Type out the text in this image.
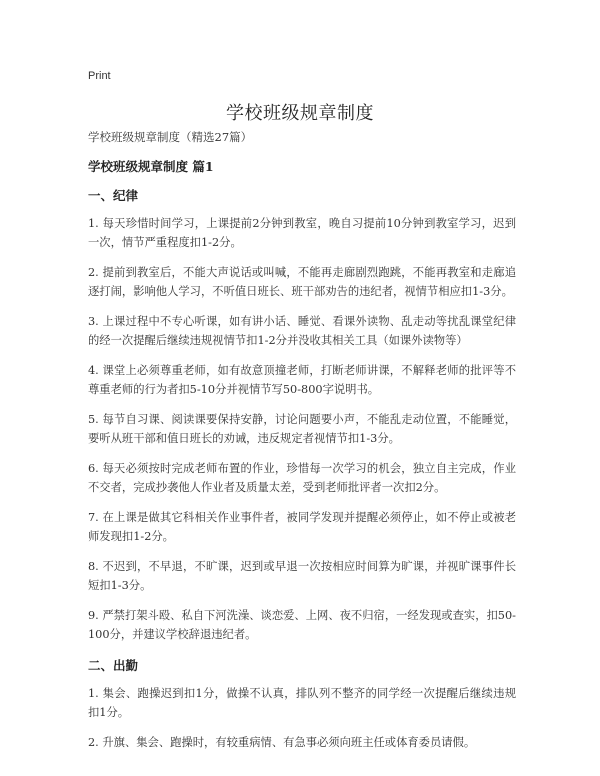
Print
学校班级规章制度

学校班级规章制度（精选27篇）

学校班级规章制度 篇1

一、纪律

1. 每天珍惜时间学习，上课提前2分钟到教室，晚自习提前10分钟到教室学习，迟到一次，情节严重程度扣1-2分。

2. 提前到教室后，不能大声说话或叫喊，不能再走廊剧烈跑跳，不能再教室和走廊追逐打闹，影响他人学习，不听值日班长、班干部劝告的违纪者，视情节相应扣1-3分。

3. 上课过程中不专心听课，如有讲小话、睡觉、看课外读物、乱走动等扰乱课堂纪律的经一次提醒后继续违规视情节扣1-2分并没收其相关工具（如课外读物等）

4. 课堂上必须尊重老师，如有故意顶撞老师，打断老师讲课，不解释老师的批评等不尊重老师的行为者扣5-10分并视情节写50-800字说明书。

5. 每节自习课、阅读课要保持安静，讨论问题要小声，不能乱走动位置，不能睡觉，要听从班干部和值日班长的劝诫，违反规定者视情节扣1-3分。

6. 每天必须按时完成老师布置的作业，珍惜每一次学习的机会，独立自主完成，作业不交者，完成抄袭他人作业者及质量太差，受到老师批评者一次扣2分。

7. 在上课是做其它科相关作业事件者，被同学发现并提醒必须停止，如不停止或被老师发现扣1-2分。

8. 不迟到，不早退，不旷课，迟到或早退一次按相应时间算为旷课，并视旷课事件长短扣1-3分。

9. 严禁打架斗殴、私自下河洗澡、谈恋爱、上网、夜不归宿，一经发现或查实，扣50-100分，并建议学校辞退违纪者。

二、出勤

1. 集会、跑操迟到扣1分，做操不认真，排队列不整齐的同学经一次提醒后继续违规扣1分。

2. 升旗、集会、跑操时，有较重病情、有急事必须向班主任或体育委员请假。
